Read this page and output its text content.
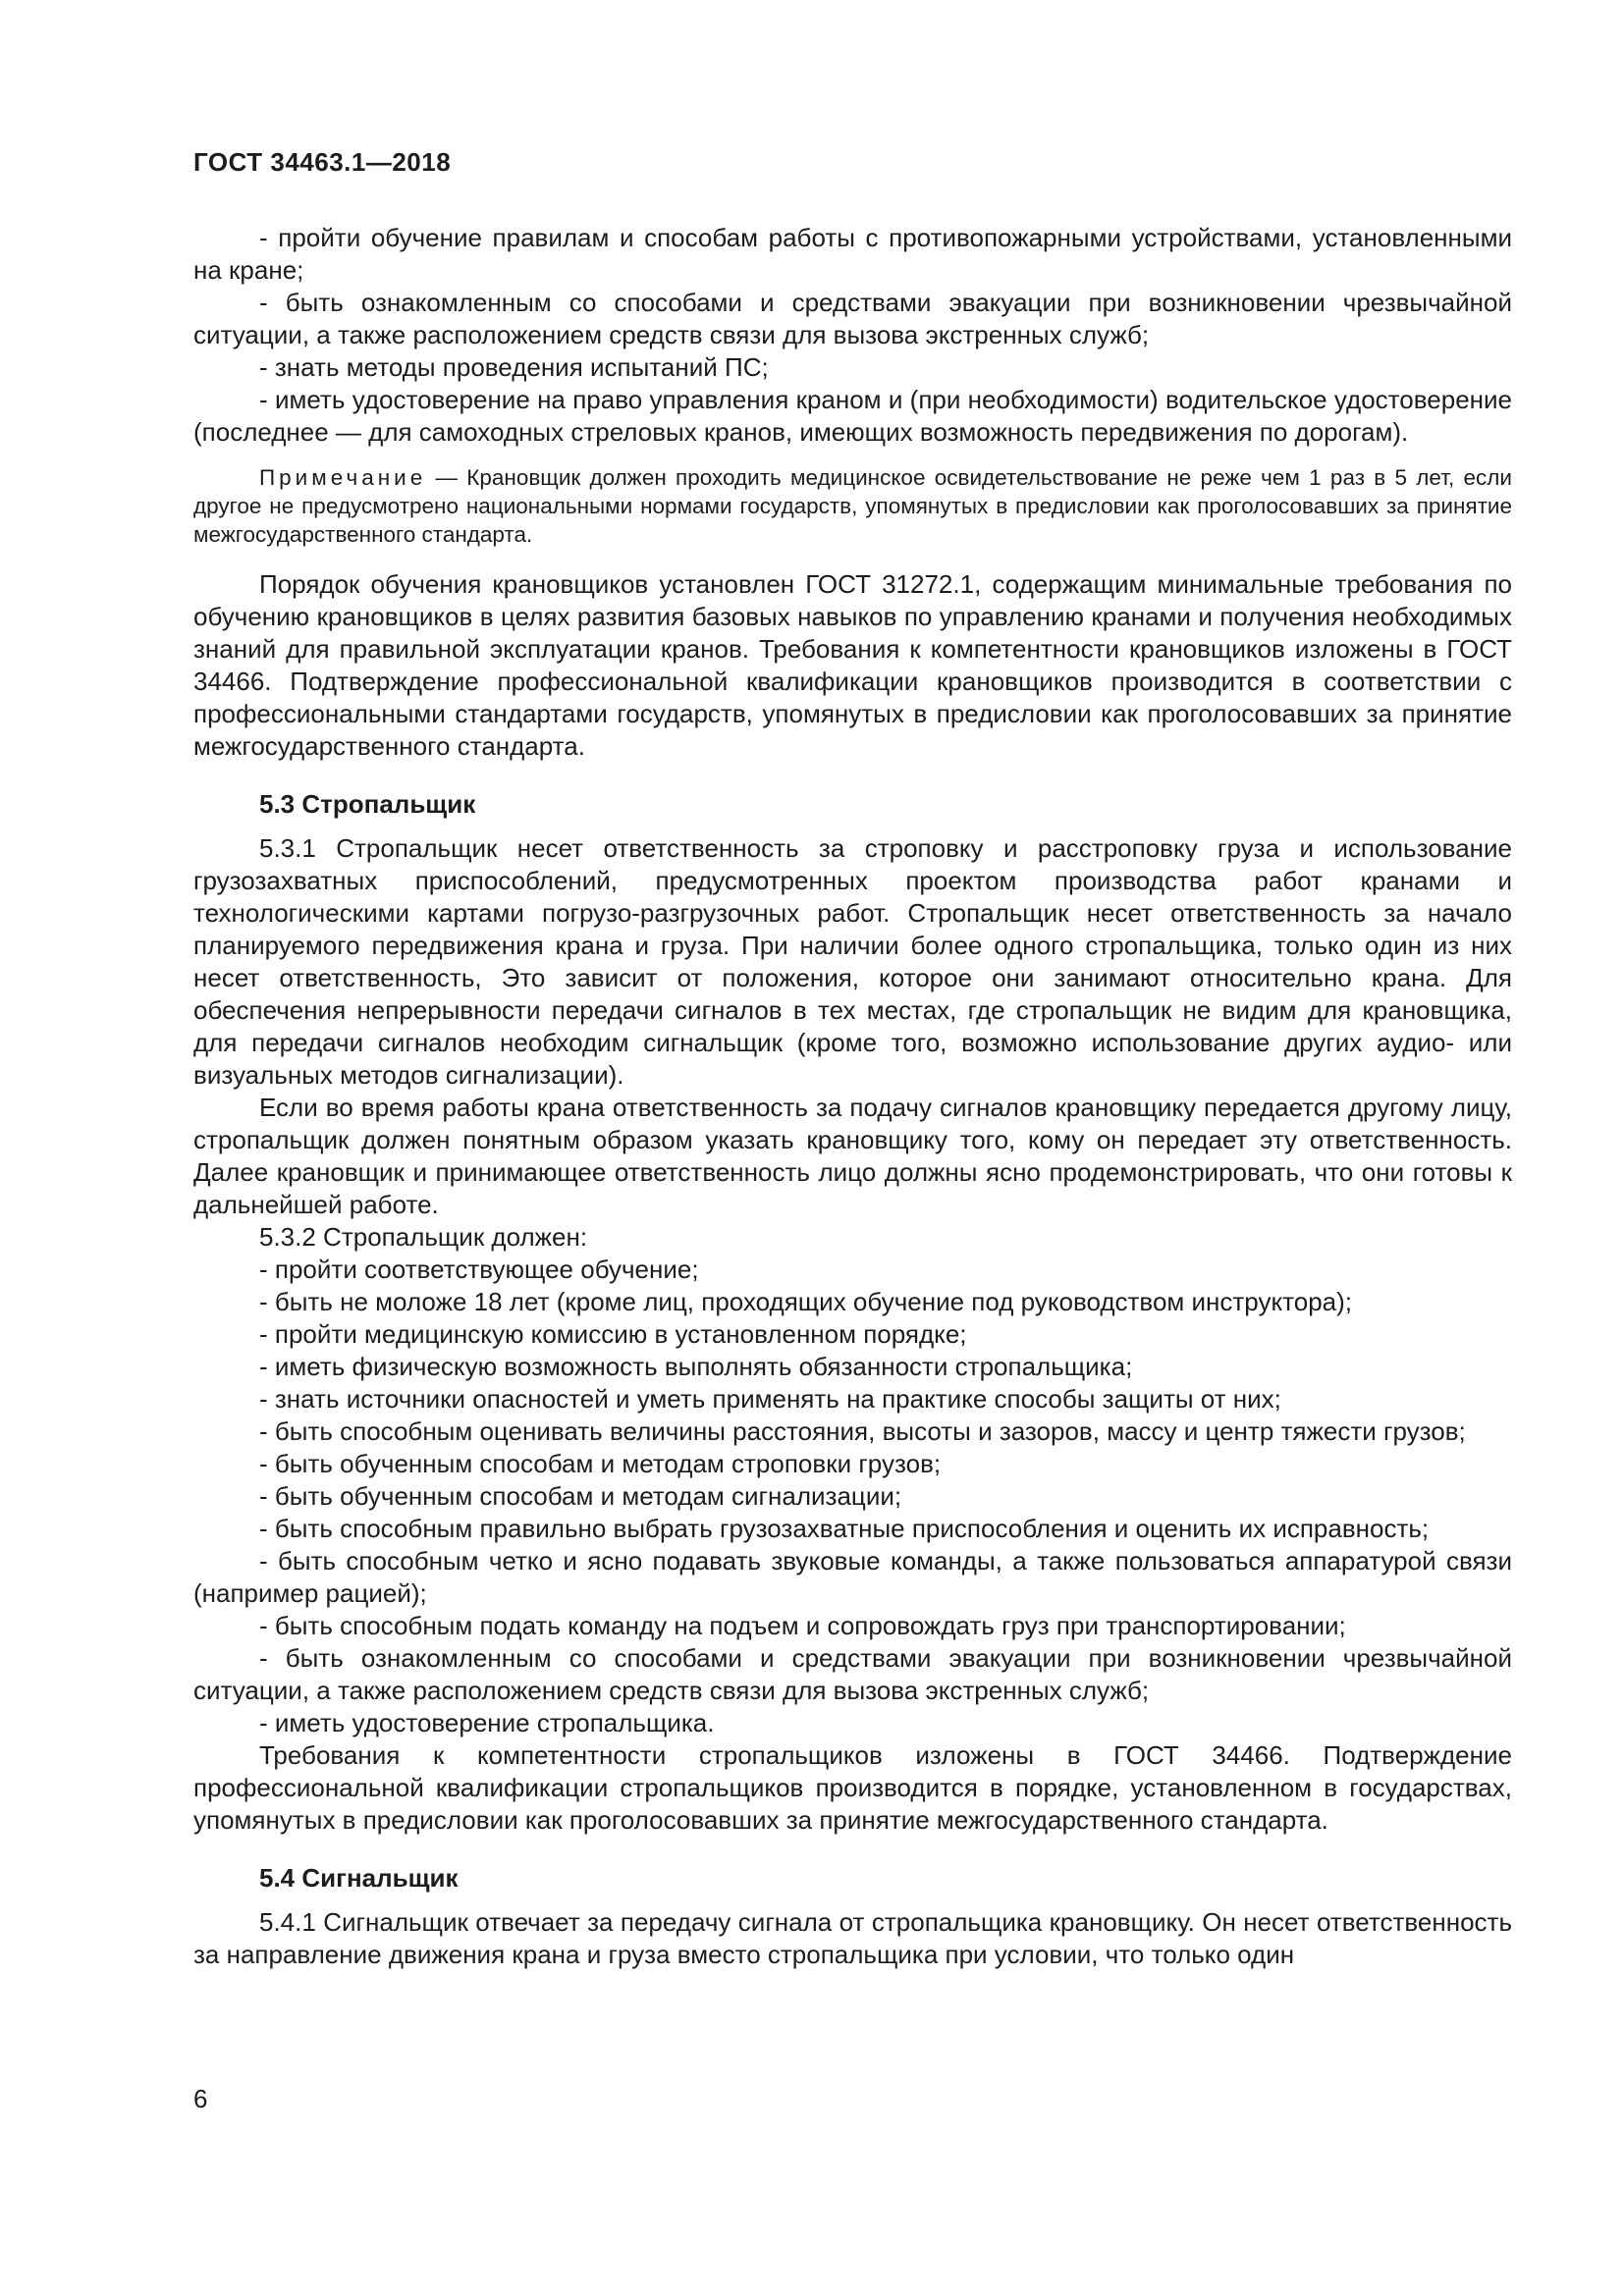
ГОСТ 34463.1—2018

- пройти обучение правилам и способам работы с противопожарными устройствами, установленными на кране;

- быть ознакомленным со способами и средствами эвакуации при возникновении чрезвычайной ситуации, а также расположением средств связи для вызова экстренных служб;

- знать методы проведения испытаний ПС;

- иметь удостоверение на право управления краном и (при необходимости) водительское удостоверение (последнее — для самоходных стреловых кранов, имеющих возможность передвижения по дорогам).

Примечание — Крановщик должен проходить медицинское освидетельствование не реже чем 1 раз в 5 лет, если другое не предусмотрено национальными нормами государств, упомянутых в предисловии как проголосовавших за принятие межгосударственного стандарта.

Порядок обучения крановщиков установлен ГОСТ 31272.1, содержащим минимальные требования по обучению крановщиков в целях развития базовых навыков по управлению кранами и получения необходимых знаний для правильной эксплуатации кранов. Требования к компетентности крановщиков изложены в ГОСТ 34466. Подтверждение профессиональной квалификации крановщиков производится в соответствии с профессиональными стандартами государств, упомянутых в предисловии как проголосовавших за принятие межгосударственного стандарта.

5.3 Стропальщик

5.3.1 Стропальщик несет ответственность за строповку и расстроповку груза и использование грузозахватных приспособлений, предусмотренных проектом производства работ кранами и технологическими картами погрузо-разгрузочных работ. Стропальщик несет ответственность за начало планируемого передвижения крана и груза. При наличии более одного стропальщика, только один из них несет ответственность, Это зависит от положения, которое они занимают относительно крана. Для обеспечения непрерывности передачи сигналов в тех местах, где стропальщик не видим для крановщика, для передачи сигналов необходим сигнальщик (кроме того, возможно использование других аудио- или визуальных методов сигнализации).

Если во время работы крана ответственность за подачу сигналов крановщику передается другому лицу, стропальщик должен понятным образом указать крановщику того, кому он передает эту ответственность. Далее крановщик и принимающее ответственность лицо должны ясно продемонстрировать, что они готовы к дальнейшей работе.

5.3.2 Стропальщик должен:

- пройти соответствующее обучение;

- быть не моложе 18 лет (кроме лиц, проходящих обучение под руководством инструктора);

- пройти медицинскую комиссию в установленном порядке;

- иметь физическую возможность выполнять обязанности стропальщика;

- знать источники опасностей и уметь применять на практике способы защиты от них;

- быть способным оценивать величины расстояния, высоты и зазоров, массу и центр тяжести грузов;

- быть обученным способам и методам строповки грузов;

- быть обученным способам и методам сигнализации;

- быть способным правильно выбрать грузозахватные приспособления и оценить их исправность;

- быть способным четко и ясно подавать звуковые команды, а также пользоваться аппаратурой связи (например рацией);

- быть способным подать команду на подъем и сопровождать груз при транспортировании;

- быть ознакомленным со способами и средствами эвакуации при возникновении чрезвычайной ситуации, а также расположением средств связи для вызова экстренных служб;

- иметь удостоверение стропальщика.

Требования к компетентности стропальщиков изложены в ГОСТ 34466. Подтверждение профессиональной квалификации стропальщиков производится в порядке, установленном в государствах, упомянутых в предисловии как проголосовавших за принятие межгосударственного стандарта.

5.4 Сигнальщик

5.4.1 Сигнальщик отвечает за передачу сигнала от стропальщика крановщику. Он несет ответственность за направление движения крана и груза вместо стропальщика при условии, что только один

6
